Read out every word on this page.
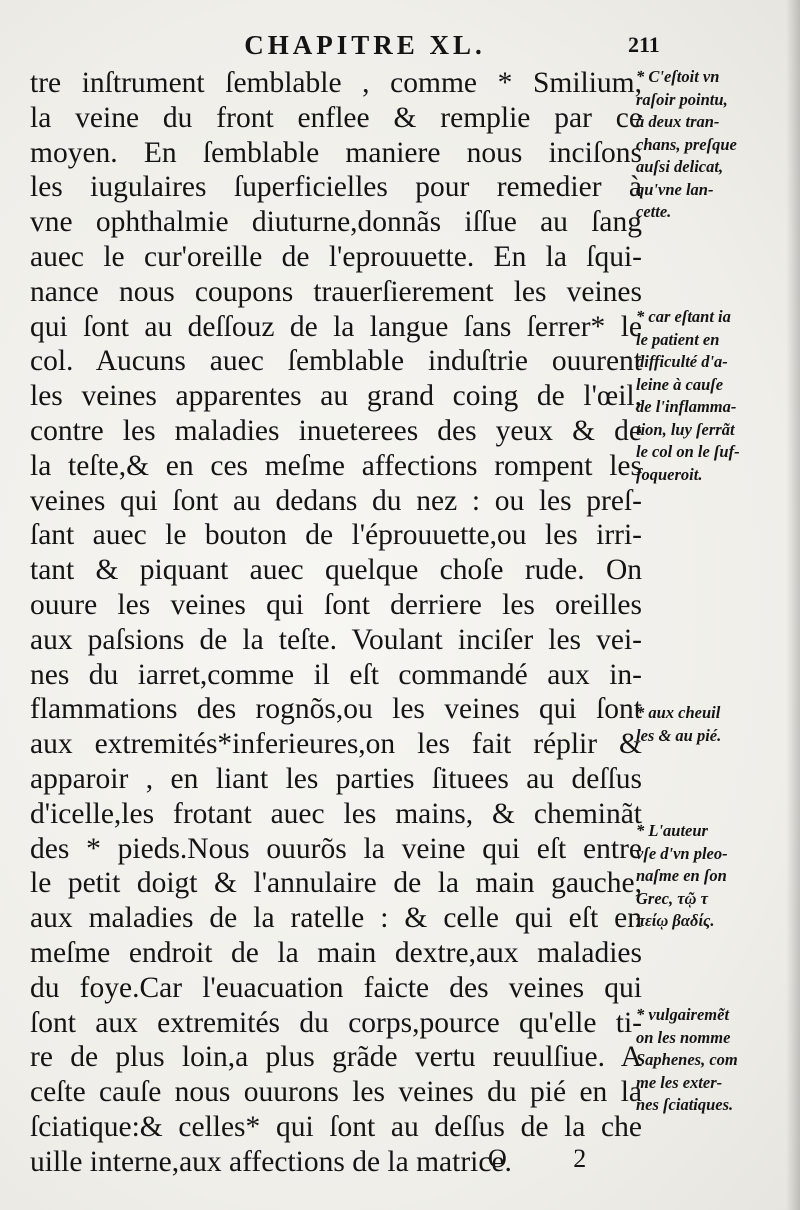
CHAPITRE XL.	211
tre inſtrument ſemblable , comme * Smilium,
la veine du front enflee & remplie par ce
moyen. En ſemblable maniere nous inciſons
les iugulaires ſuperficielles pour remedier à
vne ophthalmie diuturne,donnãs iſſue au ſang
auec le cur'oreille de l'eprouuette. En la ſqui-
nance nous coupons trauerſierement les veines
qui ſont au deſſouz de la langue ſans ſerrer* le
col. Aucuns auec ſemblable induſtrie ouurent
les veines apparentes au grand coing de l'œil,
contre les maladies inueterees des yeux & de
la teſte,& en ces meſme affections rompent les
veines qui ſont au dedans du nez : ou les preſ-
ſant auec le bouton de l'éprouuette,ou les irri-
tant & piquant auec quelque choſe rude. On
ouure les veines qui ſont derriere les oreilles
aux paſsions de la teſte. Voulant inciſer les vei-
nes du iarret,comme il eſt commandé aux in-
flammations des rognõs,ou les veines qui ſont
aux extremités*inferieures,on les fait réplir &
apparoir , en liant les parties ſituees au deſſus
d'icelle,les frotant auec les mains, & cheminãt
des * pieds.Nous ouurõs la veine qui eſt entre
le petit doigt & l'annulaire de la main gauche,
aux maladies de la ratelle : & celle qui eſt en
meſme endroit de la main dextre,aux maladies
du foye.Car l'euacuation faicte des veines qui
ſont aux extremités du corps,pource qu'elle ti-
re de plus loin,a plus grãde vertu reuulſiue. A
ceſte cauſe nous ouurons les veines du pié en la
ſciatique:& celles* qui ſont au deſſus de la che
uille interne,aux affections de la matrice.
* C'eſtoit vn
raſoir pointu,
à deux tran-
chans, preſque
auſsi delicat,
qu'vne lan-
cette.
* car eſtant ia
le patient en
difficulté d'a-
leine à cauſe
de l'inflamma-
tion, luy ſerrãt
le col on le ſuf-
foqueroit.
* aux cheuil
les & au pié.
* L'auteur
vſe d'vn pleo-
naſme en ſon
Grec, τῷ τ
πείῳ βαδίς.
* vulgairemẽt
on les nomme
Saphenes, com
me les exter-
nes ſciatiques.
O 2
